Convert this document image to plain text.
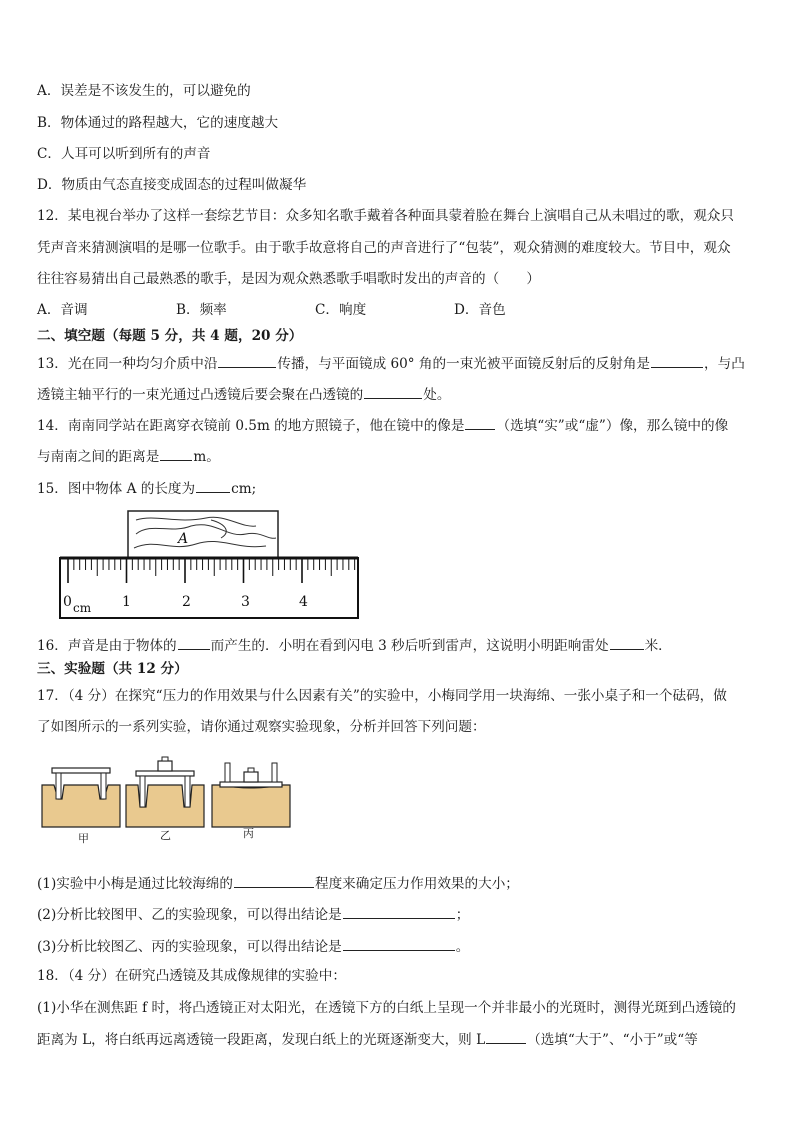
A．误差是不该发生的，可以避免的
B．物体通过的路程越大，它的速度越大
C．人耳可以听到所有的声音
D．物质由气态直接变成固态的过程叫做凝华
12．某电视台举办了这样一套综艺节目：众多知名歌手戴着各种面具蒙着脸在舞台上演唱自己从未唱过的歌，观众只
凭声音来猜测演唱的是哪一位歌手。由于歌手故意将自己的声音进行了“包装”，观众猜测的难度较大。节目中，观众
往往容易猜出自己最熟悉的歌手，是因为观众熟悉歌手唱歌时发出的声音的（　　）
A．音调	B．频率	C．响度	D．音色
二、填空题（每题 5 分，共 4 题，20 分）
13．光在同一种均匀介质中沿	传播，与平面镜成 60° 角的一束光被平面镜反射后的反射角是	，与凸
透镜主轴平行的一束光通过凸透镜后要会聚在凸透镜的	处。
14．南南同学站在距离穿衣镜前 0.5m 的地方照镜子，他在镜中的像是 （选填“实”或“虚”）像，那么镜中的像
与南南之间的距离是	m。
15．图中物体 A 的长度为	cm;
A
0 cm 1	2	3	4
16．声音是由于物体的	而产生的．小明在看到闪电 3 秒后听到雷声，这说明小明距响雷处	米．
三、实验题（共 12 分）
17．（4 分）在探究“压力的作用效果与什么因素有关”的实验中，小梅同学用一块海绵、一张小桌子和一个砝码，做
了如图所示的一系列实验，请你通过观察实验现象，分析并回答下列问题：
甲	乙	丙
(1)实验中小梅是通过比较海绵的	程度来确定压力作用效果的大小；
(2)分析比较图甲、乙的实验现象，可以得出结论是	；
(3)分析比较图乙、丙的实验现象，可以得出结论是	。
18．（4 分）在研究凸透镜及其成像规律的实验中：
(1)小华在测焦距 f 时，将凸透镜正对太阳光，在透镜下方的白纸上呈现一个并非最小的光斑时，测得光斑到凸透镜的
距离为 L，将白纸再远离透镜一段距离，发现白纸上的光斑逐渐变大，则 L	（选填“大于”、“小于”或“等
